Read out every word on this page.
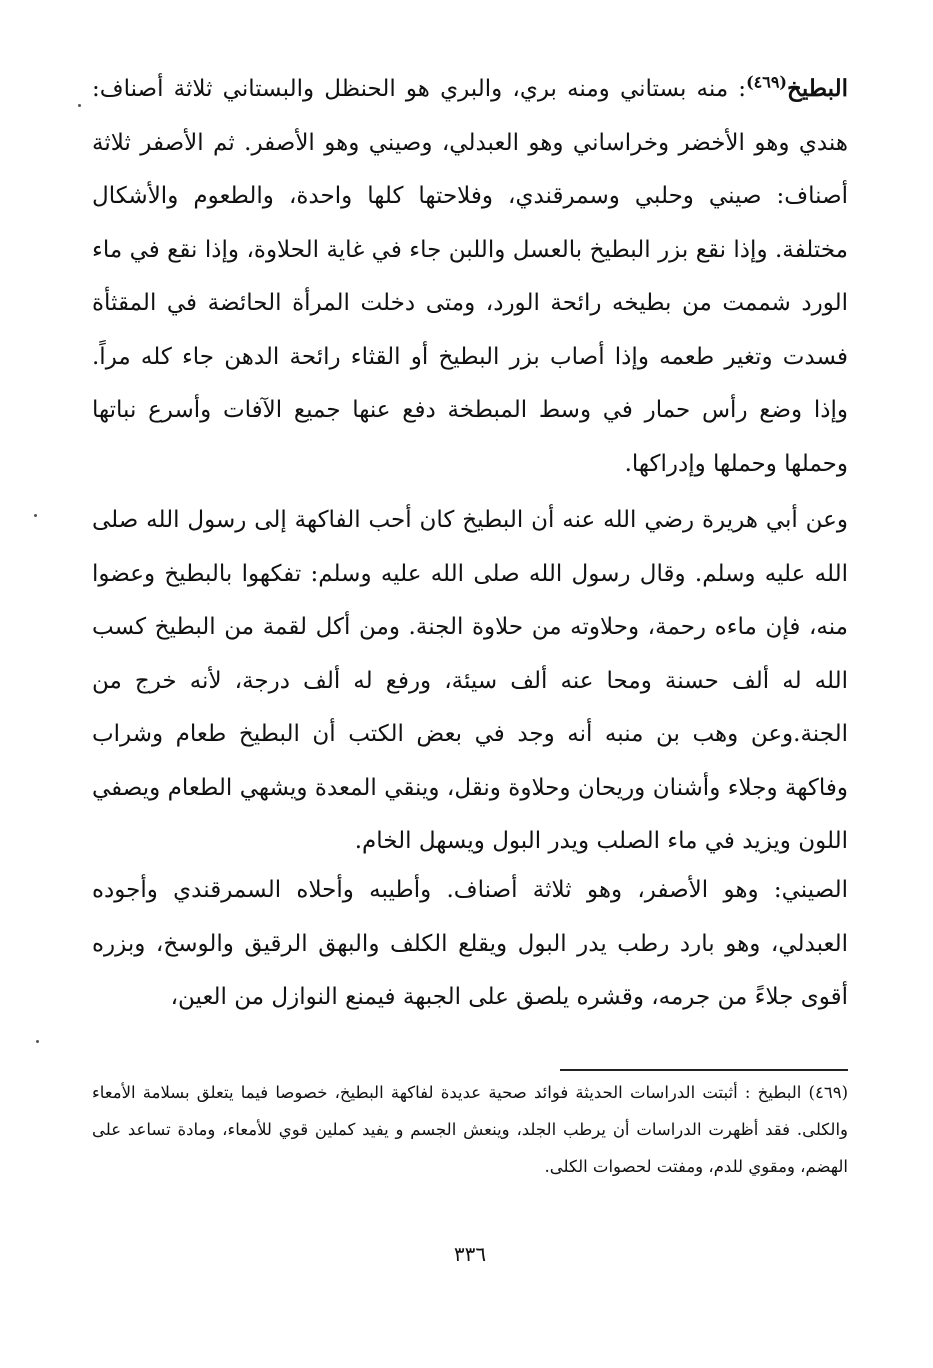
البطيخ$^{(٤٦٩)}$: منه بستاني ومنه بري، والبري هو الحنظل والبستاني ثلاثة أصناف: هندي وهو الأخضر وخراساني وهو العبدلي، وصيني وهو الأصفر. ثم الأصفر ثلاثة أصناف: صيني وحلبي وسمرقندي، وفلاحتها كلها واحدة، والطعوم والأشكال مختلفة. وإذا نقع بزر البطيخ بالعسل واللبن جاء في غاية الحلاوة، وإذا نقع في ماء الورد شممت من بطيخه رائحة الورد، ومتى دخلت المرأة الحائضة في المقثأة فسدت وتغير طعمه وإذا أصاب بزر البطيخ أو القثاء رائحة الدهن جاء كله مراً. وإذا وضع رأس حمار في وسط المبطخة دفع عنها جميع الآفات وأسرع نباتها وحملها وحملها وإدراكها.

وعن أبي هريرة رضي الله عنه أن البطيخ كان أحب الفاكهة إلى رسول الله صلى الله عليه وسلم. وقال رسول الله صلى الله عليه وسلم: تفكهوا بالبطيخ وعضوا منه، فإن ماءه رحمة، وحلاوته من حلاوة الجنة. ومن أكل لقمة من البطيخ كسب الله له ألف حسنة ومحا عنه ألف سيئة، ورفع له ألف درجة، لأنه خرج من الجنة.وعن وهب بن منبه أنه وجد في بعض الكتب أن البطيخ طعام وشراب وفاكهة وجلاء وأشنان وريحان وحلاوة ونقل، وينقي المعدة ويشهي الطعام ويصفي اللون ويزيد في ماء الصلب ويدر البول ويسهل الخام.

الصيني: وهو الأصفر، وهو ثلاثة أصناف. وأطيبه وأحلاه السمرقندي وأجوده العبدلي، وهو بارد رطب يدر البول ويقلع الكلف والبهق الرقيق والوسخ، وبزره أقوى جلاءً من جرمه، وقشره يلصق على الجبهة فيمنع النوازل من العين،

(٤٦٩) البطيخ : أثبتت الدراسات الحديثة فوائد صحية عديدة لفاكهة البطيخ، خصوصا فيما يتعلق بسلامة الأمعاء والكلى. فقد أظهرت الدراسات أن يرطب الجلد، وينعش الجسم و يفيد كملين قوي للأمعاء، ومادة تساعد على الهضم، ومقوي للدم، ومفتت لحصوات الكلى.

٣٣٦
